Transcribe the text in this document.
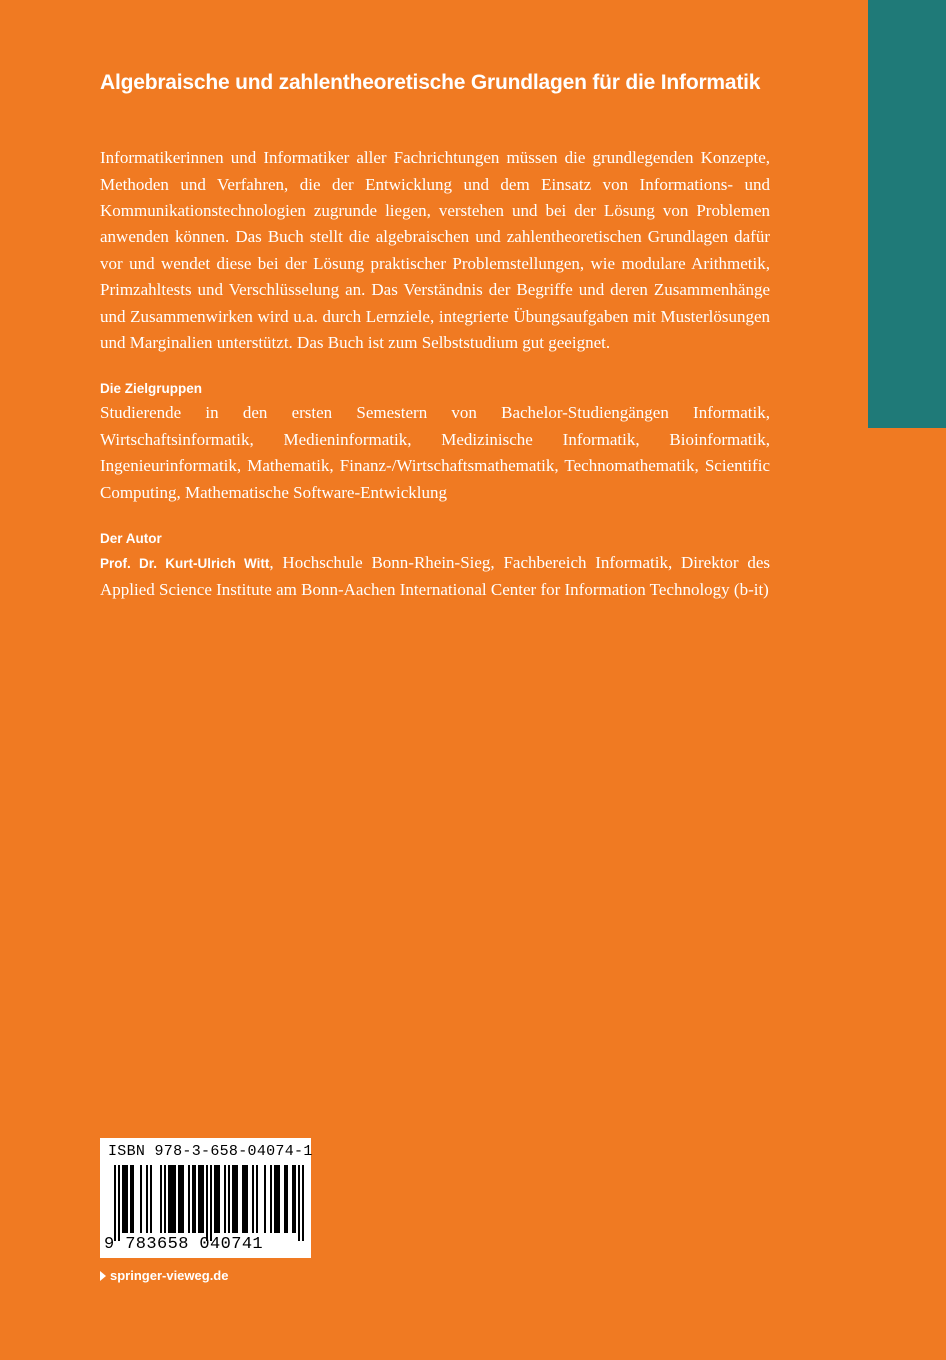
Algebraische und zahlentheoretische Grundlagen für die Informatik

Informatikerinnen und Informatiker aller Fachrichtungen müssen die grundlegenden Konzepte, Methoden und Verfahren, die der Entwicklung und dem Einsatz von Informations- und Kommunikationstechnologien zugrunde liegen, verstehen und bei der Lösung von Problemen anwenden können. Das Buch stellt die algebraischen und zahlentheoretischen Grundlagen dafür vor und wendet diese bei der Lösung praktischer Problemstellungen, wie modulare Arithmetik, Primzahltests und Verschlüsselung an. Das Verständnis der Begriffe und deren Zusammenhänge und Zusammenwirken wird u.a. durch Lernziele, integrierte Übungsaufgaben mit Musterlösungen und Marginalien unterstützt. Das Buch ist zum Selbststudium gut geeignet.

Die Zielgruppen

Studierende in den ersten Semestern von Bachelor-Studiengängen Informatik, Wirtschaftsinformatik, Medieninformatik, Medizinische Informatik, Bioinformatik, Ingenieurinformatik, Mathematik, Finanz-/Wirtschaftsmathematik, Technomathematik, Scientific Computing, Mathematische Software-Entwicklung

Der Autor

Prof. Dr. Kurt-Ulrich Witt, Hochschule Bonn-Rhein-Sieg, Fachbereich Informatik, Direktor des Applied Science Institute am Bonn-Aachen International Center for Information Technology (b-it)

ISBN 978-3-658-04074-1
9 783658 040741
springer-vieweg.de
